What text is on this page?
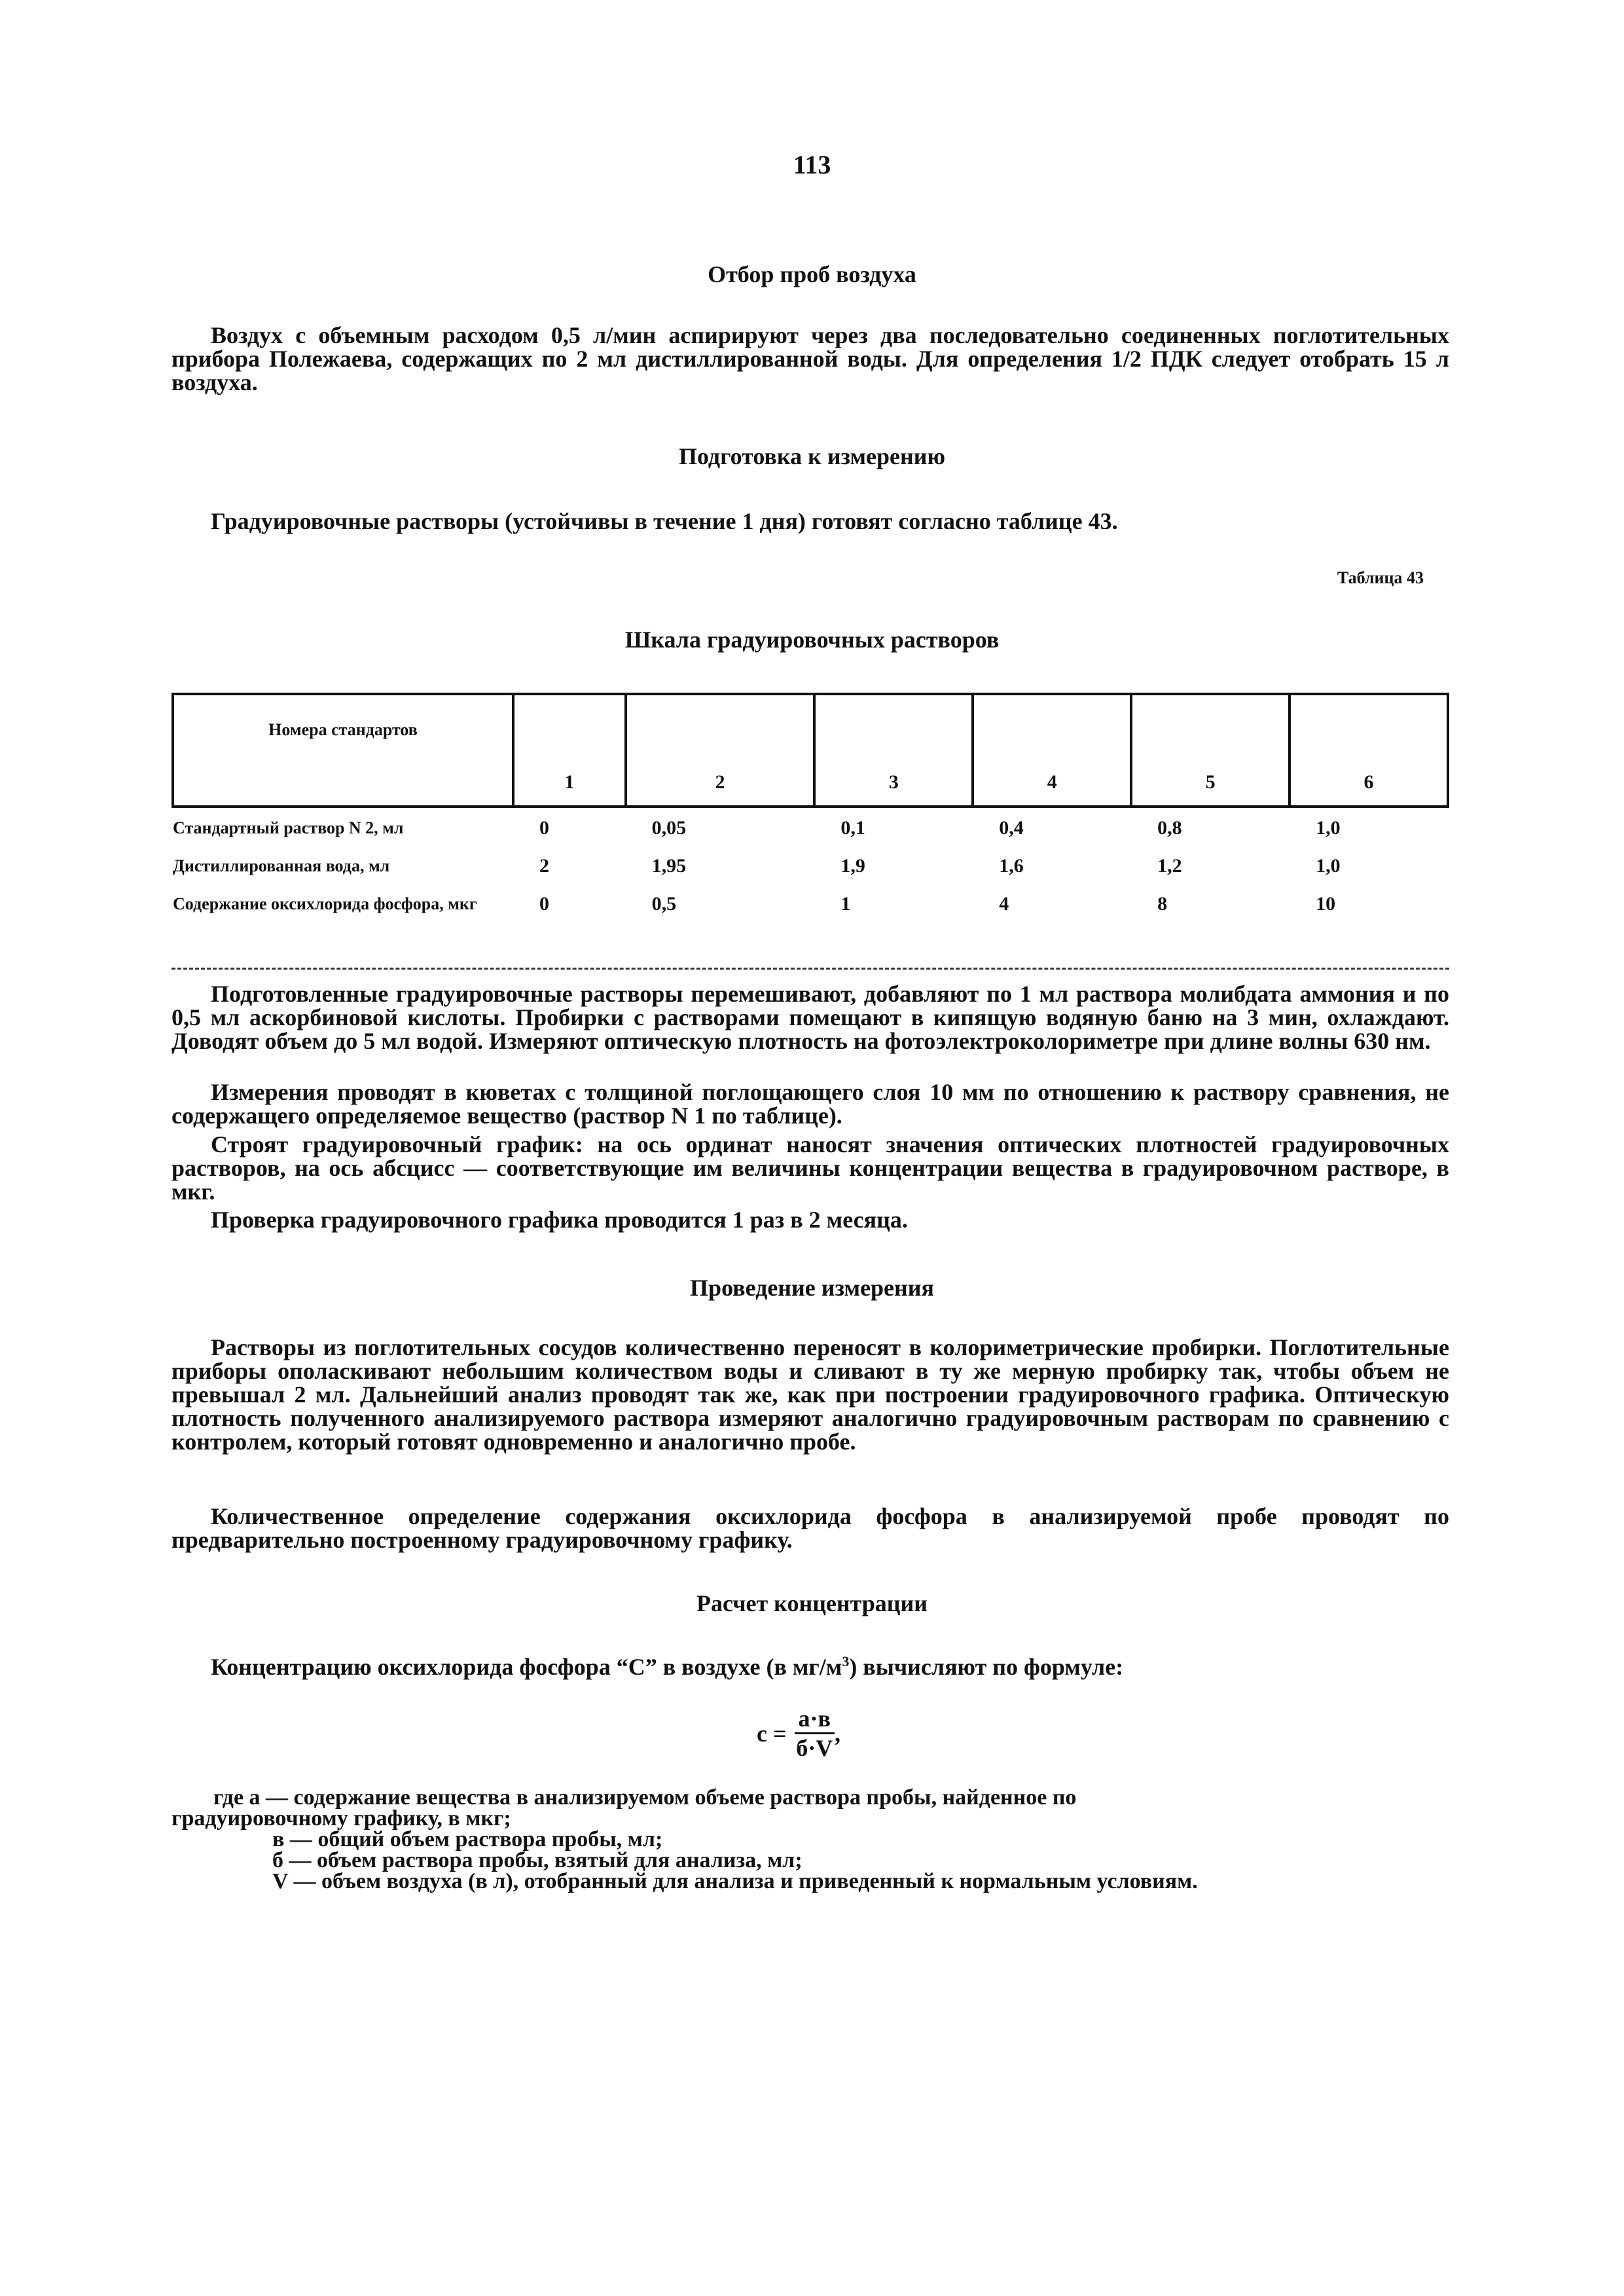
113
Отбор проб воздуха

Воздух с объемным расходом 0,5 л/мин аспирируют через два последовательно соединенных поглотительных прибора Полежаева, содержащих по 2 мл дистиллированной воды. Для определения 1/2 ПДК следует отобрать 15 л воздуха.

Подготовка к измерению

Градуировочные растворы (устойчивы в течение 1 дня) готовят согласно таблице 43.

Таблица 43
Шкала градуировочных растворов
Номера стандартов	1	2	3	4	5	6
Стандартный раствор N 2, мл	0	0,05	0,1	0,4	0,8	1,0
Дистиллированная вода, мл	2	1,95	1,9	1,6	1,2	1,0
Содержание оксихлорида фосфора, мкг	0	0,5	1	4	8	10

Подготовленные градуировочные растворы перемешивают, добавляют по 1 мл раствора молибдата аммония и по 0,5 мл аскорбиновой кислоты. Пробирки с растворами помещают в кипящую водяную баню на 3 мин, охлаждают. Доводят объем до 5 мл водой. Измеряют оптическую плотность на фотоэлектроколориметре при длине волны 630 нм.

Измерения проводят в кюветах с толщиной поглощающего слоя 10 мм по отношению к раствору сравнения, не содержащего определяемое вещество (раствор N 1 по таблице).

Строят градуировочный график: на ось ординат наносят значения оптических плотностей градуировочных растворов, на ось абсцисс — соответствующие им величины концентрации вещества в градуировочном растворе, в мкг.

Проверка градуировочного графика проводится 1 раз в 2 месяца.

Проведение измерения

Растворы из поглотительных сосудов количественно переносят в колориметрические пробирки. Поглотительные приборы ополаскивают небольшим количеством воды и сливают в ту же мерную пробирку так, чтобы объем не превышал 2 мл. Дальнейший анализ проводят так же, как при построении градуировочного графика. Оптическую плотность полученного анализируемого раствора измеряют аналогично градуировочным растворам по сравнению с контролем, который готовят одновременно и аналогично пробе.

Количественное определение содержания оксихлорида фосфора в анализируемой пробе проводят по предварительно построенному градуировочному графику.

Расчет концентрации

Концентрацию оксихлорида фосфора “С” в воздухе (в $мг/м^3$) вычисляют по формуле:

$с = \frac{а\cdot в}{б\cdot V}$ ,

где а — содержание вещества в анализируемом объеме раствора пробы, найденное по

градуировочному графику, в мкг;

в — общий объем раствора пробы, мл;

б — объем раствора пробы, взятый для анализа, мл;

V — объем воздуха (в л), отобранный для анализа и приведенный к нормальным условиям.
